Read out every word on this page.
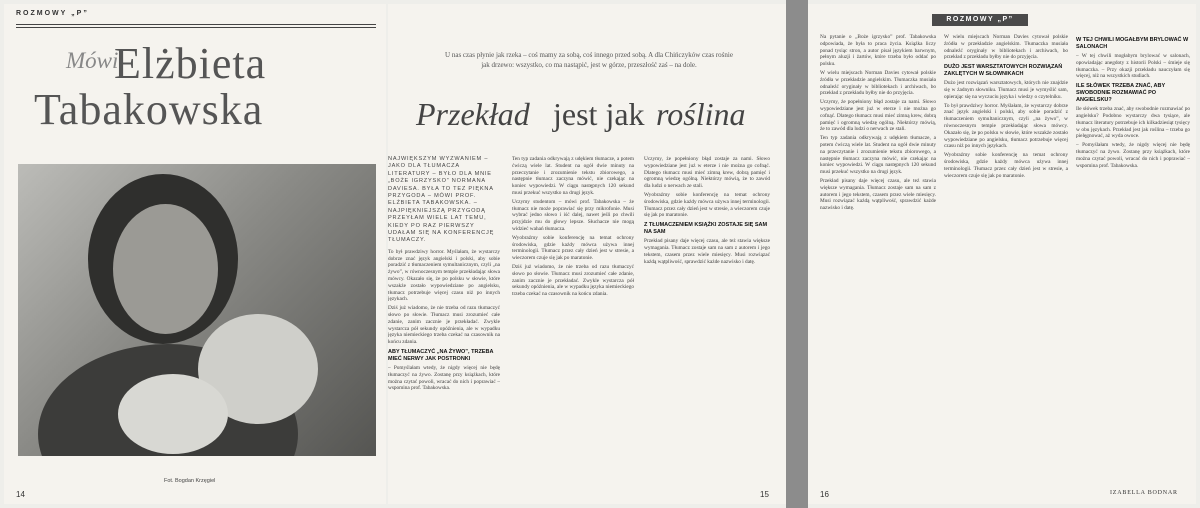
ROZMOWY „P”
Mówi
Elżbieta
Tabakowska
Fot. Bogdan Krzęgiel
14
U nas czas płynie jak rzeka – coś mamy za sobą, coś innego przed sobą. A dla Chińczyków czas rośnie jak drzewo: wszystko, co ma nastąpić, jest w górze, przeszłość zaś – na dole.
Przekład jest jak roślina

NAJWIĘKSZYM WYZWANIEM – JAKO DLA TŁUMACZA LITERATURY – BYŁO DLA MNIE „BOŻE IGRZYSKO” NORMANA DAVIESA. BYŁA TO TEZ PIĘKNA PRZYGODA – MÓWI PROF. ELŻBIETA TABAKOWSKA. – NAJPIĘKNIEJSZĄ PRZYGODĄ PRZEYŁAM WIELE LAT TEMU, KIEDY PO RAZ PIERWSZY UDAŁAM SIĘ NA KONFERENCJĘ TŁUMACZY.

To był prawdziwy horror. Myślałam, że wystarczy dobrze znać język angielski i polski, aby sobie poradzić z tłumaczeniem symultanicznym, czyli „na żywo”, w równoczesnym tempie przekładając słowa mówcy. Okazało się, że po polsku w słowie, które wszakże zostało wypowiedziane po angielsku, tłumacz potrzebuje więcej czasu niż po innych językach.

Dziś już wiadomo, że nie trzeba od razu tłumaczyć słowo po słowie. Tłumacz musi zrozumieć całe zdanie, zanim zacznie je przekładać. Zwykle wystarcza pół sekundy opóźnienia, ale w wypadku języka niemieckiego trzeba czekać na czasownik na końcu zdania.

ABY TŁUMACZYĆ „NA ŻYWO”, TRZEBA MIEĆ NERWY JAK POSTRONKI

– Pomyślałam wtedy, że nigdy więcej nie będę tłumaczyć na żywo. Zostanę przy książkach, które można czytać powoli, wracać do nich i poprawiać – wspomina prof. Tabakowska.

Ten typ zadania odkrywają z udękiem tłumacze, a potem ćwiczą wiele lat. Student na ogół dwie minuty na przeczytanie i zrozumienie tekstu zbiorowego, a następnie tłumacz zaczyna mówić, nie czekając na koniec wypowiedzi. W ciągu następnych 120 sekund musi przekuć wszystko na drugi język.

Uczymy studentom – mówi prof. Tabakowska – że tłumacz nie może poprawiać się przy mikrofonie. Musi wybrać jedno słowo i iść dalej, nawet jeśli po chwili przyjdzie mu do głowy lepsze. Słuchacze nie mogą widzieć wahań tłumacza.

Wyobraźmy sobie konferencję na temat ochrony środowiska, gdzie każdy mówca używa innej terminologii. Tłumacz przez cały dzień jest w stresie, a wieczorem czuje się jak po maratonie.

Dziś już wiadomo, że nie trzeba od razu tłumaczyć słowo po słowie. Tłumacz musi zrozumieć całe zdanie, zanim zacznie je przekładać. Zwykle wystarcza pół sekundy opóźnienia, ale w wypadku języka niemieckiego trzeba czekać na czasownik na końcu zdania.

Uczymy, że popełniony błąd zostaje za nami. Słowo wypowiedziane jest już w eterze i nie można go cofnąć. Dlatego tłumacz musi mieć zimną krew, dobrą pamięć i ogromną wiedzę ogólną. Niektórzy mówią, że to zawód dla ludzi o nerwach ze stali.

Wyobraźmy sobie konferencję na temat ochrony środowiska, gdzie każdy mówca używa innej terminologii. Tłumacz przez cały dzień jest w stresie, a wieczorem czuje się jak po maratonie.

Z TŁUMACZENIEM KSIĄŻKI ZOSTAJE SIĘ SAM NA SAM

Przekład pisany daje więcej czasu, ale też stawia większe wymagania. Tłumacz zostaje sam na sam z autorem i jego tekstem, czasem przez wiele miesięcy. Musi rozwiązać każdą wątpliwość, sprawdzić każde nazwisko i datę.

15
ROZMOWY „P”

Na pytanie o „Boże igrzysko” prof. Tabakowska odpowiada, że była to praca życia. Książka liczy ponad tysiąc stron, a autor pisał językiem barwnym, pełnym aluzji i żartów, które trzeba było oddać po polsku.

W wielu miejscach Norman Davies cytował polskie źródła w przekładzie angielskim. Tłumaczka musiała odnaleźć oryginały w bibliotekach i archiwach, bo przekład z przekładu byłby nie do przyjęcia.

Uczymy, że popełniony błąd zostaje za nami. Słowo wypowiedziane jest już w eterze i nie można go cofnąć. Dlatego tłumacz musi mieć zimną krew, dobrą pamięć i ogromną wiedzę ogólną. Niektórzy mówią, że to zawód dla ludzi o nerwach ze stali.

Ten typ zadania odkrywają z udękiem tłumacze, a potem ćwiczą wiele lat. Student na ogół dwie minuty na przeczytanie i zrozumienie tekstu zbiorowego, a następnie tłumacz zaczyna mówić, nie czekając na koniec wypowiedzi. W ciągu następnych 120 sekund musi przekuć wszystko na drugi język.

Przekład pisany daje więcej czasu, ale też stawia większe wymagania. Tłumacz zostaje sam na sam z autorem i jego tekstem, czasem przez wiele miesięcy. Musi rozwiązać każdą wątpliwość, sprawdzić każde nazwisko i datę.

W wielu miejscach Norman Davies cytował polskie źródła w przekładzie angielskim. Tłumaczka musiała odnaleźć oryginały w bibliotekach i archiwach, bo przekład z przekładu byłby nie do przyjęcia.

DUŻO JEST WARSZTATOWYCH ROZWIĄZAŃ ZAKLĘTYCH W SŁOWNIKACH

Dużo jest rozwiązań warsztatowych, których nie znajdzie się w żadnym słowniku. Tłumacz musi je wymyślić sam, opierając się na wyczuciu języka i wiedzy o czytelniku.

To był prawdziwy horror. Myślałam, że wystarczy dobrze znać język angielski i polski, aby sobie poradzić z tłumaczeniem symultanicznym, czyli „na żywo”, w równoczesnym tempie przekładając słowa mówcy. Okazało się, że po polsku w słowie, które wszakże zostało wypowiedziane po angielsku, tłumacz potrzebuje więcej czasu niż po innych językach.

Wyobraźmy sobie konferencję na temat ochrony środowiska, gdzie każdy mówca używa innej terminologii. Tłumacz przez cały dzień jest w stresie, a wieczorem czuje się jak po maratonie.

W TEJ CHWILI MOGAŁBYM BRYLOWAĆ W SALONACH

– W tej chwili mogłabym brylować w salonach, opowiadając anegdoty z historii Polski – śmieje się tłumaczka. – Przy okazji przekładu nauczyłam się więcej, niż na wszystkich studiach.

ILE SŁÓWEK TRZEBA ZNAĆ, ABY SWOBODNIE ROZMAWIAĆ PO ANGIELSKU?

Ile słówek trzeba znać, aby swobodnie rozmawiać po angielsku? Podobno wystarczy dwa tysiące, ale tłumacz literatury potrzebuje ich kilkadziesiąt tysięcy w obu językach. Przekład jest jak roślina – trzeba go pielęgnować, aż wyda owoce.

– Pomyślałam wtedy, że nigdy więcej nie będę tłumaczyć na żywo. Zostanę przy książkach, które można czytać powoli, wracać do nich i poprawiać – wspomina prof. Tabakowska.

16	IZABELLA BODNAR
